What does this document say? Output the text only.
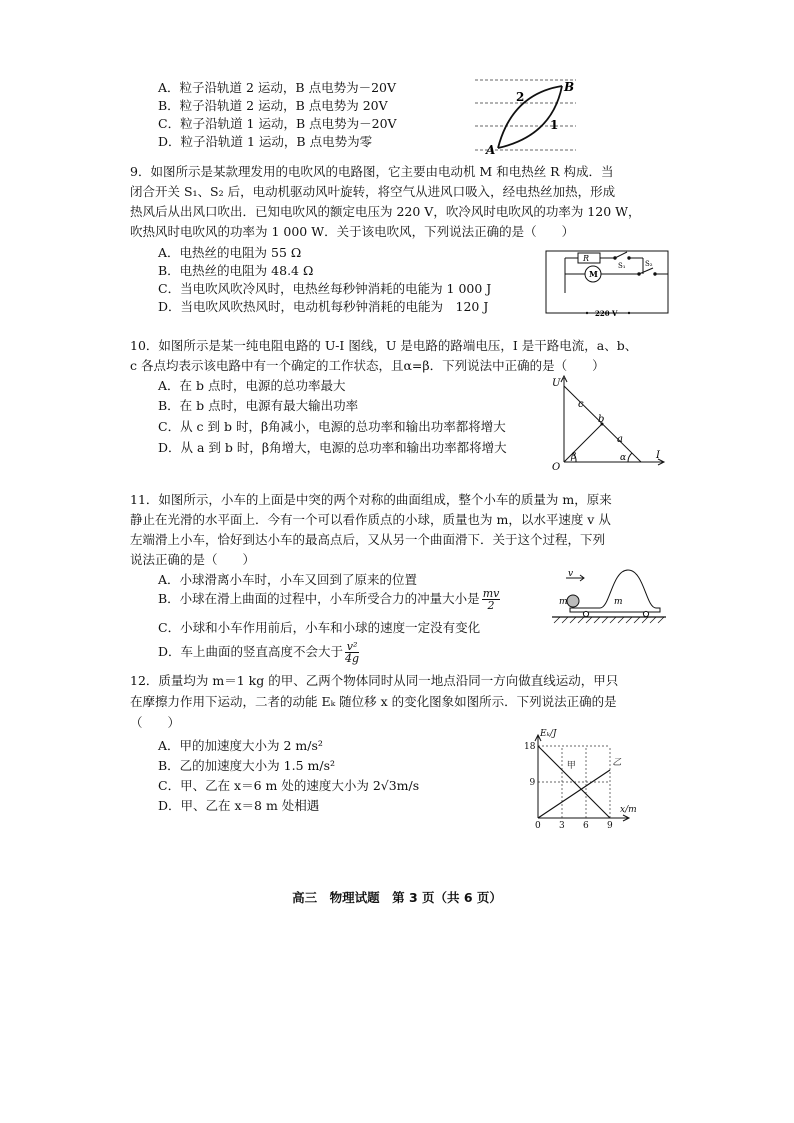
A．粒子沿轨道 2 运动，B 点电势为－20V
B．粒子沿轨道 2 运动，B 点电势为 20V
C．粒子沿轨道 1 运动，B 点电势为－20V
D．粒子沿轨道 1 运动，B 点电势为零
A
B
2
1
9．如图所示是某款理发用的电吹风的电路图，它主要由电动机 M 和电热丝 R 构成．当
闭合开关 S₁、S₂ 后，电动机驱动风叶旋转，将空气从进风口吸入，经电热丝加热，形成
热风后从出风口吹出．已知电吹风的额定电压为 220 V，吹冷风时电吹风的功率为 120 W，
吹热风时电吹风的功率为 1 000 W．关于该电吹风，下列说法正确的是（　　）
A．电热丝的电阻为 55 Ω
B．电热丝的电阻为 48.4 Ω
C．当电吹风吹冷风时，电热丝每秒钟消耗的电能为 1 000 J
D．当电吹风吹热风时，电动机每秒钟消耗的电能为　120 J
R
M
S₁	S₂
220 V
10．如图所示是某一纯电阻电路的 U-I 图线，U 是电路的路端电压，I 是干路电流，a、b、
c 各点均表示该电路中有一个确定的工作状态，且α=β．下列说法中正确的是（　　）
A．在 b 点时，电源的总功率最大
B．在 b 点时，电源有最大输出功率
C．从 c 到 b 时，β角减小，电源的总功率和输出功率都将增大
D．从 a 到 b 时，β角增大，电源的总功率和输出功率都将增大
U
I
O
c
b
a
β	α
11．如图所示，小车的上面是中突的两个对称的曲面组成，整个小车的质量为 m，原来
静止在光滑的水平面上．今有一个可以看作质点的小球，质量也为 m，以水平速度 v 从
左端滑上小车，恰好到达小车的最高点后，又从另一个曲面滑下．关于这个过程，下列
说法正确的是（　　）
A．小球滑离小车时，小车又回到了原来的位置
B．小球在滑上曲面的过程中，小车所受合力的冲量大小是 $\frac{mv}{2}$
C．小球和小车作用前后，小车和小球的速度一定没有变化
D．车上曲面的竖直高度不会大于 $\frac{\text{v²}}{4g}$
v
m	m
12．质量均为 m＝1 kg 的甲、乙两个物体同时从同一地点沿同一方向做直线运动，甲只
在摩擦力作用下运动，二者的动能 Eₖ 随位移 x 的变化图象如图所示．下列说法正确的是
（　　）
A．甲的加速度大小为 2 m/s²
B．乙的加速度大小为 1.5 m/s²
C．甲、乙在 x＝6 m 处的速度大小为 2√3m/s
D．甲、乙在 x＝8 m 处相遇
0 3 6 9
9
18
Eₖ/J
x/m
甲	乙
高三　物理试题　第 3 页（共 6 页）
